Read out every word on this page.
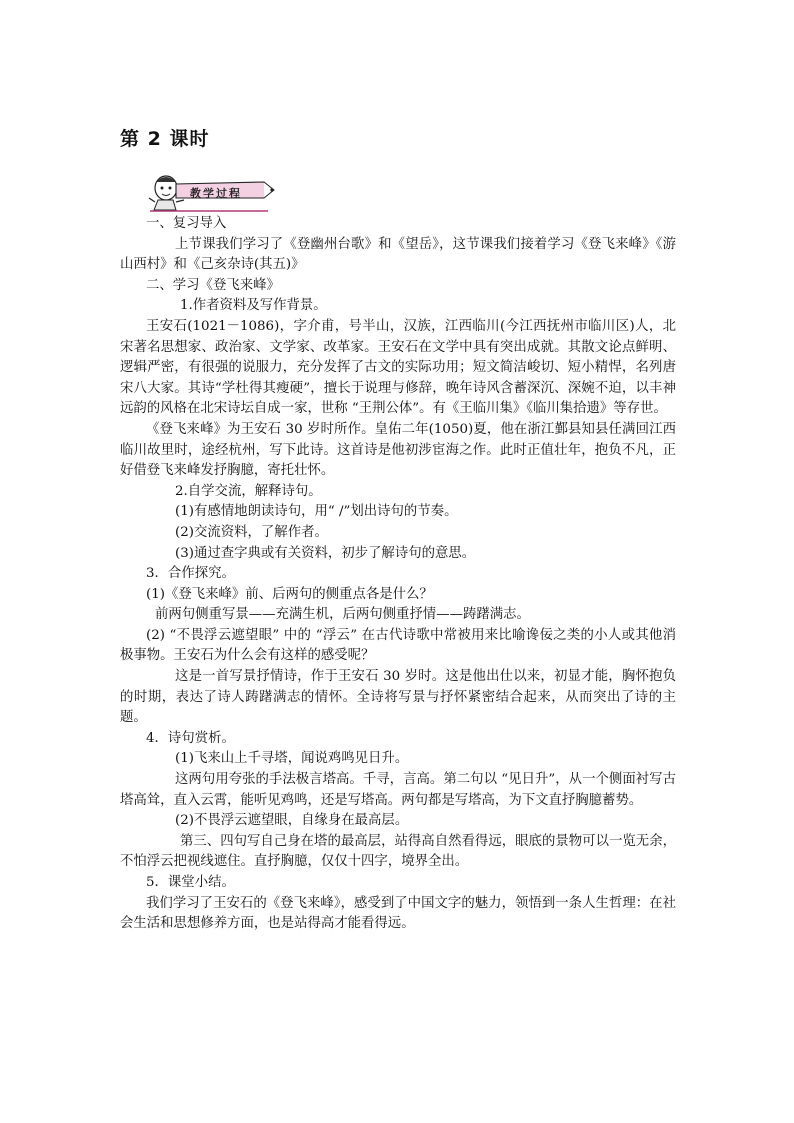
第 2 课时
教学过程

一、复习导入

上节课我们学习了《登幽州台歌》和《望岳》，这节课我们接着学习《登飞来峰》《游山西村》和《己亥杂诗(其五)》

二、学习《登飞来峰》

1.作者资料及写作背景。

王安石(1021－1086)，字介甫，号半山，汉族，江西临川(今江西抚州市临川区)人，北宋著名思想家、政治家、文学家、改革家。王安石在文学中具有突出成就。其散文论点鲜明、逻辑严密，有很强的说服力，充分发挥了古文的实际功用；短文简洁峻切、短小精悍，名列唐宋八大家。其诗“学杜得其瘦硬”，擅长于说理与修辞，晚年诗风含蓄深沉、深婉不迫，以丰神远韵的风格在北宋诗坛自成一家，世称 “王荆公体”。有《王临川集》《临川集拾遗》等存世。

《登飞来峰》为王安石 30 岁时所作。皇佑二年(1050)夏，他在浙江鄞县知县任满回江西临川故里时，途经杭州，写下此诗。这首诗是他初涉宦海之作。此时正值壮年，抱负不凡，正好借登飞来峰发抒胸臆，寄托壮怀。

2.自学交流，解释诗句。

(1)有感情地朗读诗句，用“ /”划出诗句的节奏。

(2)交流资料，了解作者。

(3)通过查字典或有关资料，初步了解诗句的意思。

3．合作探究。

(1)《登飞来峰》前、后两句的侧重点各是什么？

前两句侧重写景——充满生机，后两句侧重抒情——踌躇满志。

(2) “不畏浮云遮望眼” 中的 “浮云” 在古代诗歌中常被用来比喻谗佞之类的小人或其他消极事物。王安石为什么会有这样的感受呢？

这是一首写景抒情诗，作于王安石 30 岁时。这是他出仕以来，初显才能，胸怀抱负的时期，表达了诗人踌躇满志的情怀。全诗将写景与抒怀紧密结合起来，从而突出了诗的主题。

4．诗句赏析。

(1)飞来山上千寻塔，闻说鸡鸣见日升。

这两句用夸张的手法极言塔高。千寻，言高。第二句以 “见日升”，从一个侧面衬写古塔高耸，直入云霄，能听见鸡鸣，还是写塔高。两句都是写塔高，为下文直抒胸臆蓄势。

(2)不畏浮云遮望眼，自缘身在最高层。

第三、四句写自己身在塔的最高层，站得高自然看得远，眼底的景物可以一览无余，不怕浮云把视线遮住。直抒胸臆，仅仅十四字，境界全出。

5．课堂小结。

我们学习了王安石的《登飞来峰》，感受到了中国文字的魅力，领悟到一条人生哲理：在社会生活和思想修养方面，也是站得高才能看得远。
